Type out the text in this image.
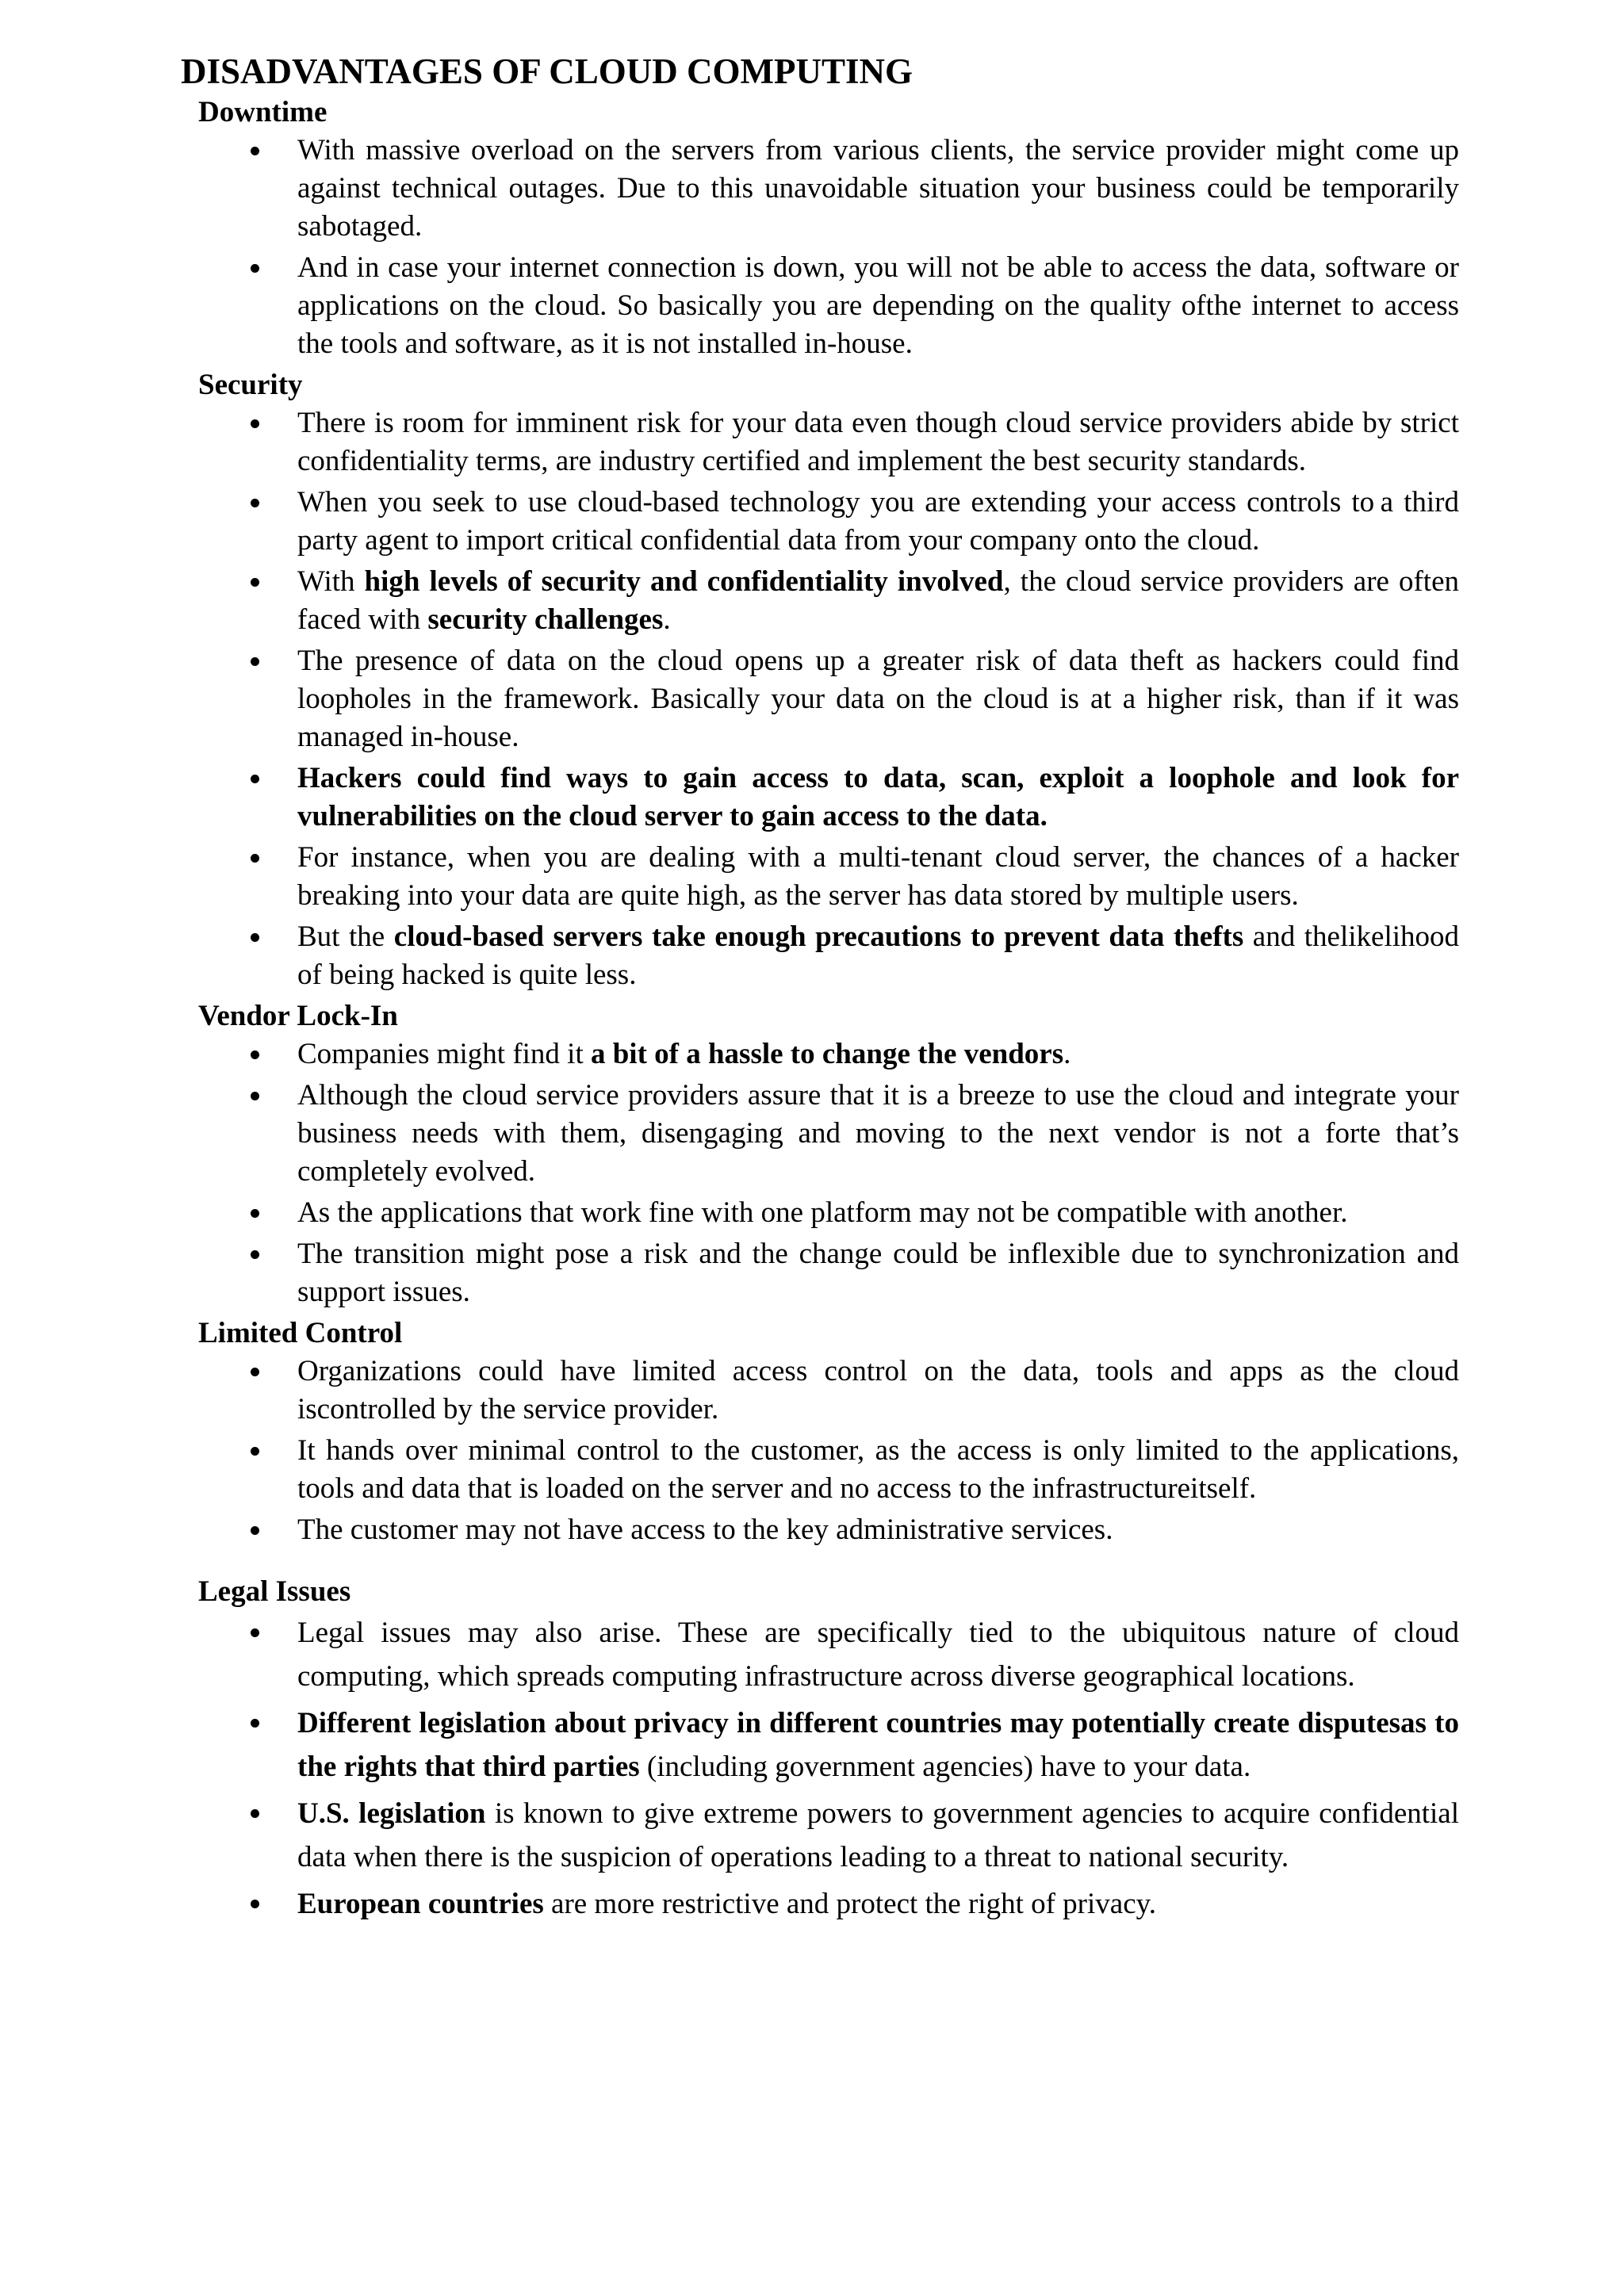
DISADVANTAGES OF CLOUD COMPUTING
Downtime
With massive overload on the servers from various clients, the service provider might come up against technical outages. Due to this unavoidable situation your business could be temporarily sabotaged.
And in case your internet connection is down, you will not be able to access the data, software or applications on the cloud. So basically you are depending on the quality ofthe internet to access the tools and software, as it is not installed in-house.
Security
There is room for imminent risk for your data even though cloud service providers abide by strict confidentiality terms, are industry certified and implement the best security standards.
When you seek to use cloud-based technology you are extending your access controls to a third party agent to import critical confidential data from your company onto the cloud.
With high levels of security and confidentiality involved, the cloud service providers are often faced with security challenges.
The presence of data on the cloud opens up a greater risk of data theft as hackers could find loopholes in the framework. Basically your data on the cloud is at a higher risk, than if it was managed in-house.
Hackers could find ways to gain access to data, scan, exploit a loophole and look for vulnerabilities on the cloud server to gain access to the data.
For instance, when you are dealing with a multi-tenant cloud server, the chances of a hacker breaking into your data are quite high, as the server has data stored by multiple users.
But the cloud-based servers take enough precautions to prevent data thefts and thelikelihood of being hacked is quite less.
Vendor Lock-In
Companies might find it a bit of a hassle to change the vendors.
Although the cloud service providers assure that it is a breeze to use the cloud and integrate your business needs with them, disengaging and moving to the next vendor is not a forte that’s completely evolved.
As the applications that work fine with one platform may not be compatible with another.
The transition might pose a risk and the change could be inflexible due to synchronization and support issues.
Limited Control
Organizations could have limited access control on the data, tools and apps as the cloud iscontrolled by the service provider.
It hands over minimal control to the customer, as the access is only limited to the applications, tools and data that is loaded on the server and no access to the infrastructureitself.
The customer may not have access to the key administrative services.
Legal Issues
Legal issues may also arise. These are specifically tied to the ubiquitous nature of cloud computing, which spreads computing infrastructure across diverse geographical locations.
Different legislation about privacy in different countries may potentially create disputesas to the rights that third parties (including government agencies) have to your data.
U.S. legislation is known to give extreme powers to government agencies to acquire confidential data when there is the suspicion of operations leading to a threat to national security.
European countries are more restrictive and protect the right of privacy.
